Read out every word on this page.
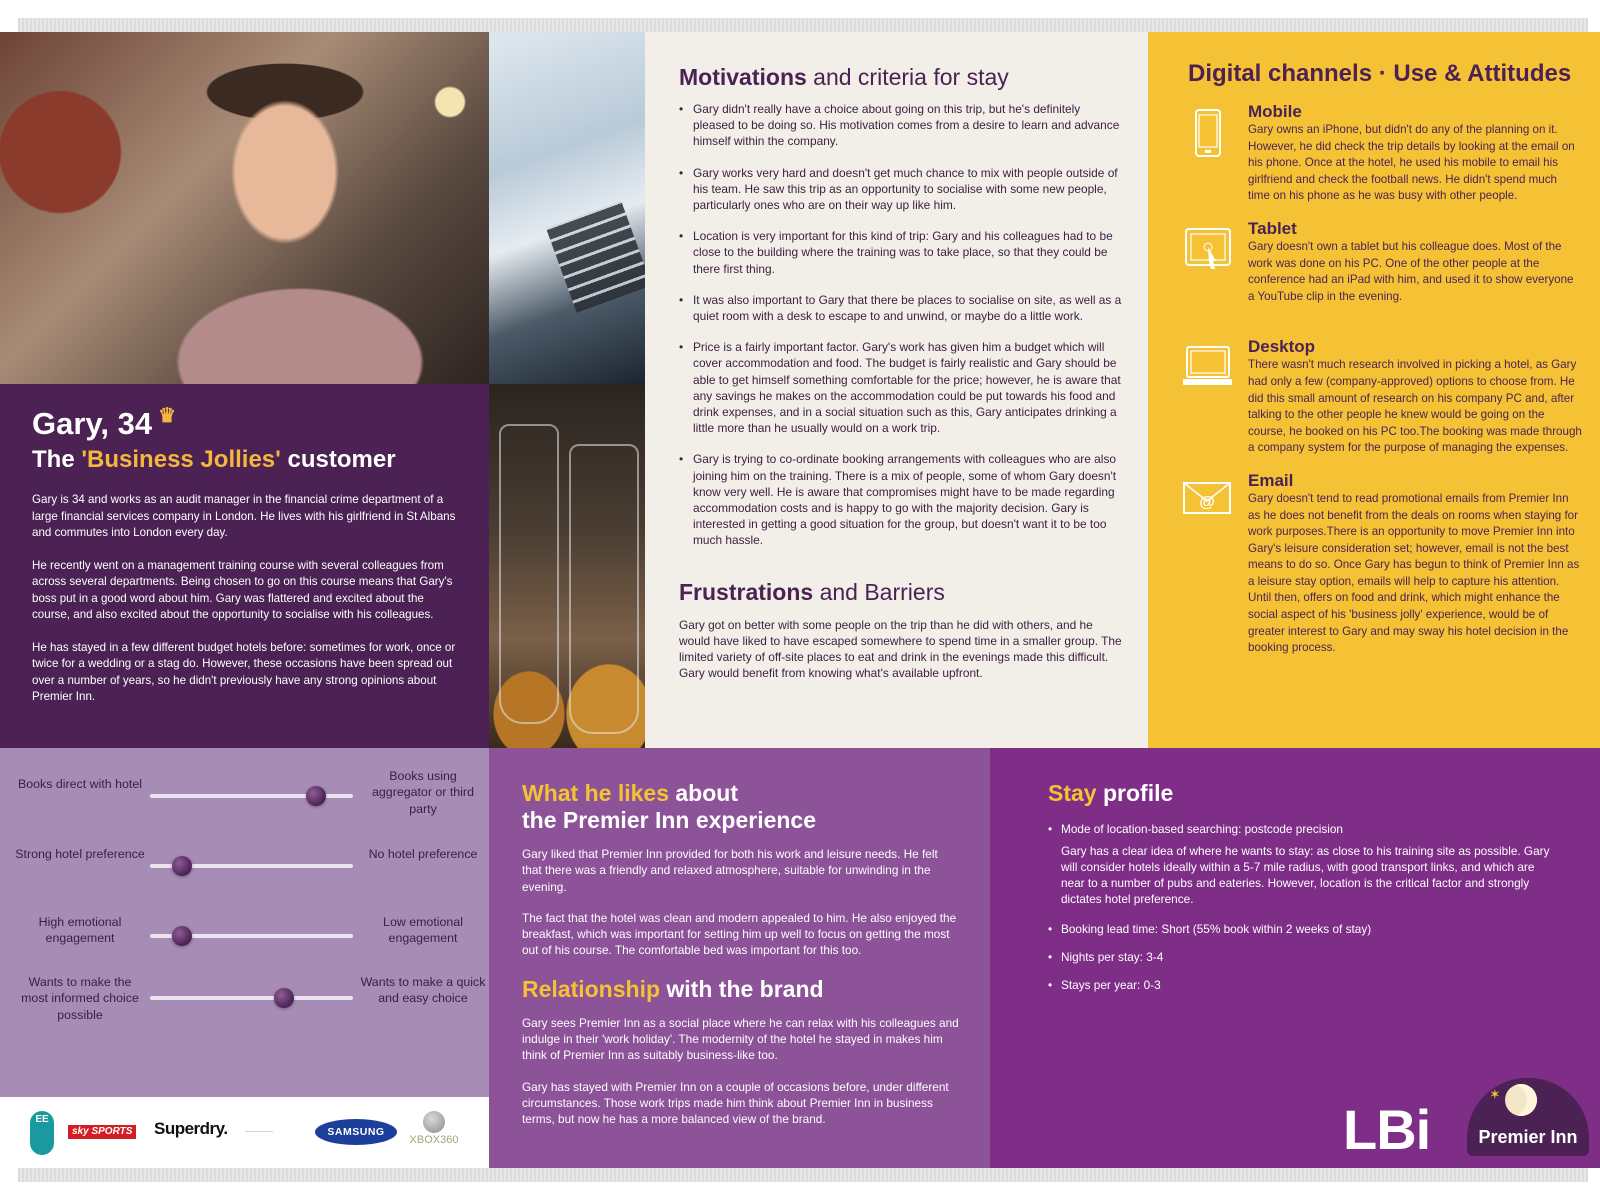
Gary, 34 ♛
The 'Business Jollies' customer

Gary is 34 and works as an audit manager in the financial crime department of a large financial services company in London. He lives with his girlfriend in St Albans and commutes into London every day.

He recently went on a management training course with several colleagues from across several departments. Being chosen to go on this course means that Gary's boss put in a good word about him. Gary was flattered and excited about the course, and also excited about the opportunity to socialise with his colleagues.

He has stayed in a few different budget hotels before: sometimes for work, once or twice for a wedding or a stag do. However, these occasions have been spread out over a number of years, so he didn't previously have any strong opinions about Premier Inn.

Motivations and criteria for stay
• Gary didn't really have a choice about going on this trip, but he's definitely pleased to be doing so. His motivation comes from a desire to learn and advance himself within the company.
• Gary works very hard and doesn't get much chance to mix with people outside of his team. He saw this trip as an opportunity to socialise with some new people, particularly ones who are on their way up like him.
• Location is very important for this kind of trip: Gary and his colleagues had to be close to the building where the training was to take place, so that they could be there first thing.
• It was also important to Gary that there be places to socialise on site, as well as a quiet room with a desk to escape to and unwind, or maybe do a little work.
• Price is a fairly important factor. Gary's work has given him a budget which will cover accommodation and food. The budget is fairly realistic and Gary should be able to get himself something comfortable for the price; however, he is aware that any savings he makes on the accommodation could be put towards his food and drink expenses, and in a social situation such as this, Gary anticipates drinking a little more than he usually would on a work trip.
• Gary is trying to co-ordinate booking arrangements with colleagues who are also joining him on the training. There is a mix of people, some of whom Gary doesn't know very well. He is aware that compromises might have to be made regarding accommodation costs and is happy to go with the majority decision. Gary is interested in getting a good situation for the group, but doesn't want it to be too much hassle.
Frustrations and Barriers

Gary got on better with some people on the trip than he did with others, and he would have liked to have escaped somewhere to spend time in a smaller group. The limited variety of off-site places to eat and drink in the evenings made this difficult. Gary would benefit from knowing what's available upfront.

Digital channels · Use & Attitudes
Mobile

Gary owns an iPhone, but didn't do any of the planning on it. However, he did check the trip details by looking at the email on his phone. Once at the hotel, he used his mobile to email his girlfriend and check the football news. He didn't spend much time on his phone as he was busy with other people.

Tablet

Gary doesn't own a tablet but his colleague does. Most of the work was done on his PC. One of the other people at the conference had an iPad with him, and used it to show everyone a YouTube clip in the evening.

Desktop

There wasn't much research involved in picking a hotel, as Gary had only a few (company-approved) options to choose from. He did this small amount of research on his company PC and, after talking to the other people he knew would be going on the course, he booked on his PC too.The booking was made through a company system for the purpose of managing the expenses.

@
Email

Gary doesn't tend to read promotional emails from Premier Inn as he does not benefit from the deals on rooms when staying for work purposes.There is an opportunity to move Premier Inn into Gary's leisure consideration set; however, email is not the best means to do so. Once Gary has begun to think of Premier Inn as a leisure stay option, emails will help to capture his attention. Until then, offers on food and drink, which might enhance the social aspect of his 'business jolly' experience, would be of greater interest to Gary and may sway his hotel decision in the booking process.

Books direct with hotel
Books using aggregator or third party
Strong hotel preference	No hotel preference
High emotional engagement
Low emotional engagement
Wants to make the most informed choice possible
Wants to make a quick and easy choice
EE
sky SPORTS Superdry.	────────	SAMSUNG
XBOX360
What he likes about
the Premier Inn experience

Gary liked that Premier Inn provided for both his work and leisure needs. He felt that there was a friendly and relaxed atmosphere, suitable for unwinding in the evening.

The fact that the hotel was clean and modern appealed to him. He also enjoyed the breakfast, which was important for setting him up well to focus on getting the most out of his course. The comfortable bed was important for this too.

Relationship with the brand

Gary sees Premier Inn as a social place where he can relax with his colleagues and indulge in their 'work holiday'. The modernity of the hotel he stayed in makes him think of Premier Inn as suitably business-like too.

Gary has stayed with Premier Inn on a couple of occasions before, under different circumstances. Those work trips made him think about Premier Inn in business terms, but now he has a more balanced view of the brand.

Stay profile
• Mode of location-based searching: postcode precision
Gary has a clear idea of where he wants to stay: as close to his training site as possible. Gary will consider hotels ideally within a 5-7 mile radius, with good transport links, and which are near to a number of pubs and eateries. However, location is the critical factor and strongly dictates hotel preference.
• Booking lead time: Short (55% book within 2 weeks of stay)
• Nights per stay: 3-4
• Stays per year: 0-3
LBi
✶
Premier Inn
